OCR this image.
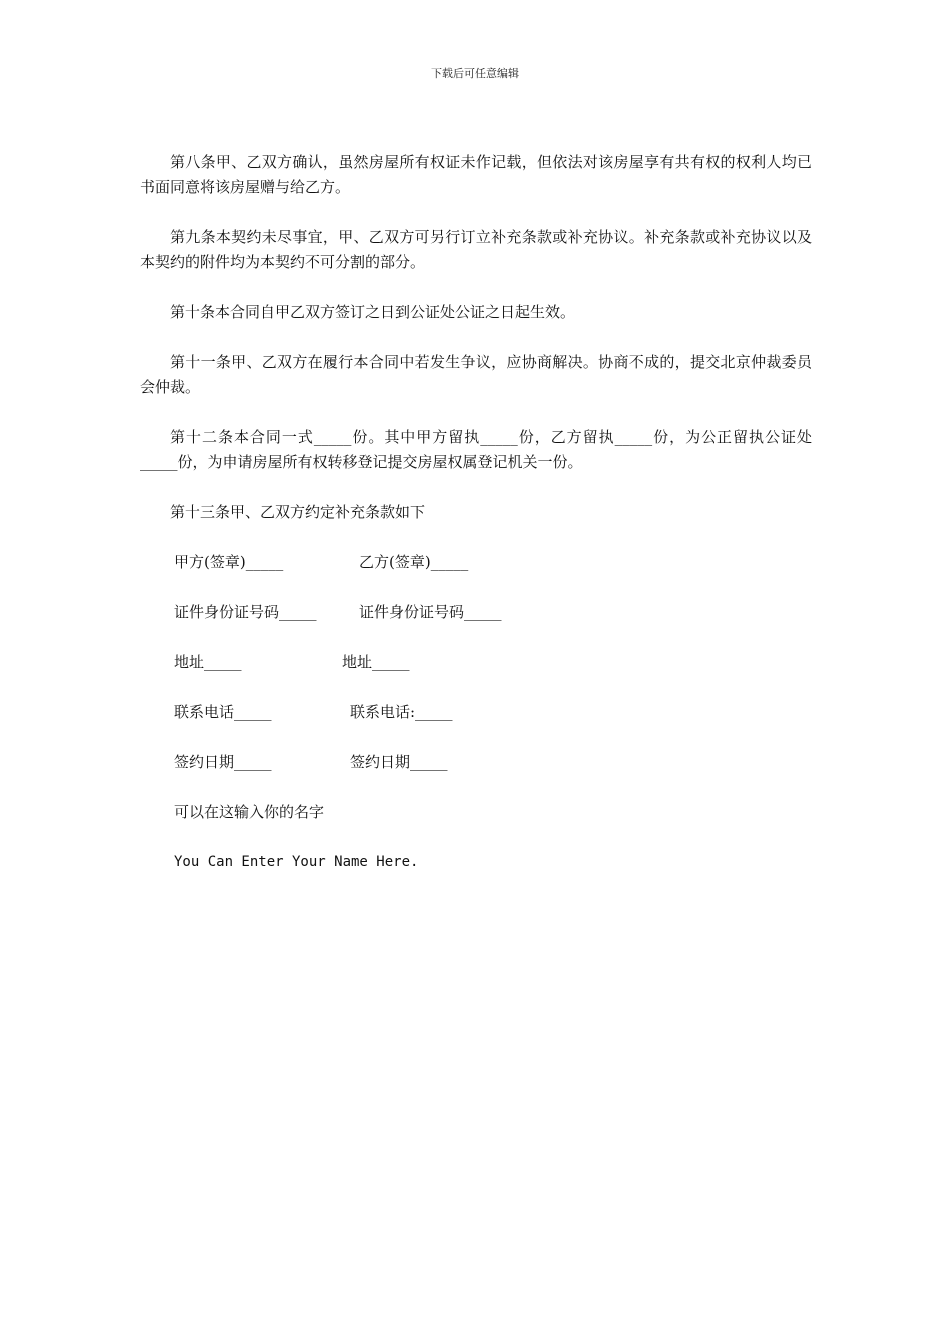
下载后可任意编辑

第八条甲、乙双方确认，虽然房屋所有权证未作记载，但依法对该房屋享有共有权的权利人均已书面同意将该房屋赠与给乙方。

第九条本契约未尽事宜，甲、乙双方可另行订立补充条款或补充协议。补充条款或补充协议以及本契约的附件均为本契约不可分割的部分。

第十条本合同自甲乙双方签订之日到公证处公证之日起生效。

第十一条甲、乙双方在履行本合同中若发生争议，应协商解决。协商不成的，提交北京仲裁委员会仲裁。

第十二条本合同一式_____份。其中甲方留执_____份，乙方留执_____份，为公正留执公证处_____份，为申请房屋所有权转移登记提交房屋权属登记机关一份。

第十三条甲、乙双方约定补充条款如下

甲方(签章)_____	乙方(签章)_____
证件身份证号码_____	证件身份证号码_____
地址_____	地址_____
联系电话_____	联系电话:_____
签约日期_____	签约日期_____
可以在这输入你的名字
You Can Enter Your Name Here.
